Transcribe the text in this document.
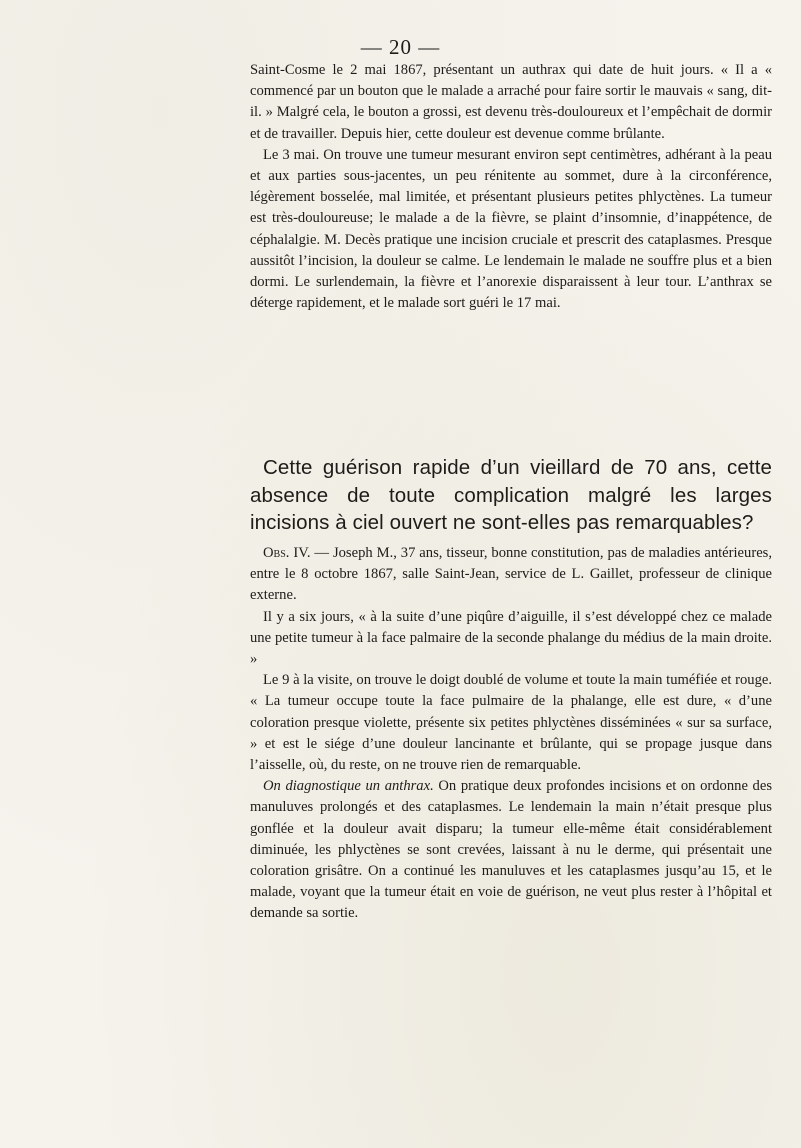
— 20 —

Saint-Cosme le 2 mai 1867, présentant un authrax qui date de huit jours. « Il a « commencé par un bouton que le malade a arraché pour faire sortir le mauvais « sang, dit-il. » Malgré cela, le bouton a grossi, est devenu très-douloureux et l’empêchait de dormir et de travailler. Depuis hier, cette douleur est devenue comme brûlante.

Le 3 mai. On trouve une tumeur mesurant environ sept centimètres, adhérant à la peau et aux parties sous-jacentes, un peu rénitente au sommet, dure à la circonférence, légèrement bosselée, mal limitée, et présentant plusieurs petites phlyctènes. La tumeur est très-douloureuse; le malade a de la fièvre, se plaint d’insomnie, d’inappétence, de céphalalgie. M. Decès pratique une incision cruciale et prescrit des cataplasmes. Presque aussitôt l’incision, la douleur se calme. Le lendemain le malade ne souffre plus et a bien dormi. Le surlendemain, la fièvre et l’anorexie disparaissent à leur tour. L’anthrax se déterge rapidement, et le malade sort guéri le 17 mai.

Cette guérison rapide d’un vieillard de 70 ans, cette absence de toute complication malgré les larges incisions à ciel ouvert ne sont-elles pas remarquables?

Obs. IV. — Joseph M., 37 ans, tisseur, bonne constitution, pas de maladies antérieures, entre le 8 octobre 1867, salle Saint-Jean, service de L. Gaillet, professeur de clinique externe.

Il y a six jours, « à la suite d’une piqûre d’aiguille, il s’est développé chez ce malade une petite tumeur à la face palmaire de la seconde phalange du médius de la main droite. »

Le 9 à la visite, on trouve le doigt doublé de volume et toute la main tuméfiée et rouge. « La tumeur occupe toute la face pulmaire de la phalange, elle est dure, « d’une coloration presque violette, présente six petites phlyctènes disséminées « sur sa surface, » et est le siége d’une douleur lancinante et brûlante, qui se propage jusque dans l’aisselle, où, du reste, on ne trouve rien de remarquable.

On diagnostique un anthrax. On pratique deux profondes incisions et on ordonne des manuluves prolongés et des cataplasmes. Le lendemain la main n’était presque plus gonflée et la douleur avait disparu; la tumeur elle-même était considérablement diminuée, les phlyctènes se sont crevées, laissant à nu le derme, qui présentait une coloration grisâtre. On a continué les manuluves et les cataplasmes jusqu’au 15, et le malade, voyant que la tumeur était en voie de guérison, ne veut plus rester à l’hôpital et demande sa sortie.
